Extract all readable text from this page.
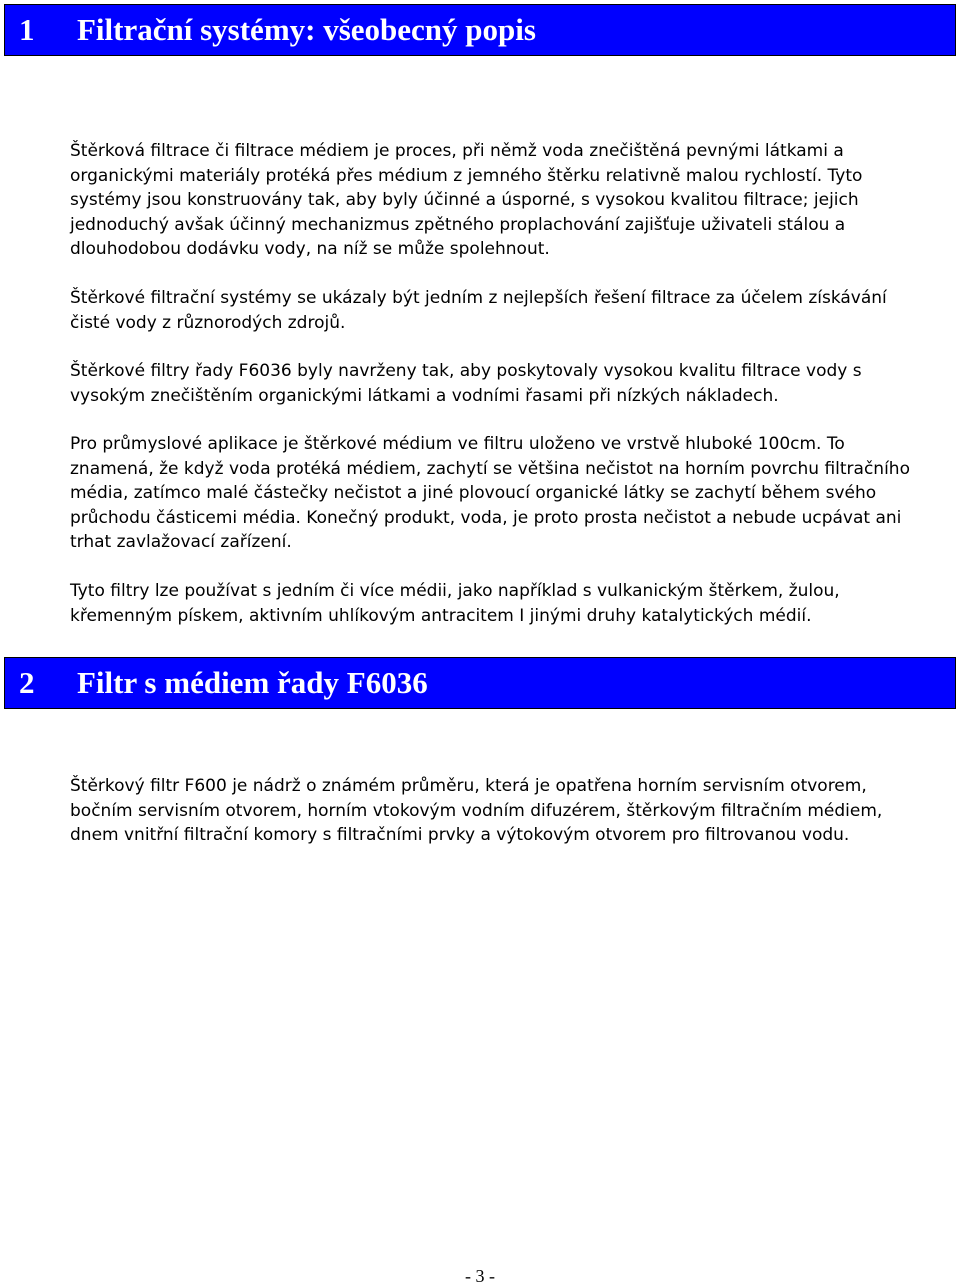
1	Filtrační systémy: všeobecný popis

Štěrková filtrace či filtrace médiem je proces, při němž voda znečištěná pevnými látkami a organickými materiály protéká přes médium z jemného štěrku relativně malou rychlostí. Tyto systémy jsou konstruovány tak, aby byly účinné a úsporné, s vysokou kvalitou filtrace; jejich jednoduchý avšak účinný mechanizmus zpětného proplachování zajišťuje uživateli stálou a dlouhodobou dodávku vody, na níž se může spolehnout.

Štěrkové filtrační systémy se ukázaly být jedním z nejlepších řešení filtrace za účelem získávání čisté vody z různorodých zdrojů.

Štěrkové filtry řady F6036 byly navrženy tak, aby poskytovaly vysokou kvalitu filtrace vody s vysokým znečištěním organickými látkami a vodními řasami při nízkých nákladech.

Pro průmyslové aplikace je štěrkové médium ve filtru uloženo ve vrstvě hluboké 100cm. To znamená, že když voda protéká médiem, zachytí se většina nečistot na horním povrchu filtračního média, zatímco malé částečky nečistot a jiné plovoucí organické látky se zachytí během svého průchodu částicemi média. Konečný produkt, voda, je proto prosta nečistot a nebude ucpávat ani trhat zavlažovací zařízení.

Tyto filtry lze používat s jedním či více médii, jako například s vulkanickým štěrkem, žulou, křemenným pískem, aktivním uhlíkovým antracitem I jinými druhy katalytických médií.

2	Filtr s médiem řady F6036

Štěrkový filtr F600 je nádrž o známém průměru, která je opatřena horním servisním otvorem, bočním servisním otvorem, horním vtokovým vodním difuzérem, štěrkovým filtračním médiem, dnem vnitřní filtrační komory s filtračními prvky a výtokovým otvorem pro filtrovanou vodu.

- 3 -
